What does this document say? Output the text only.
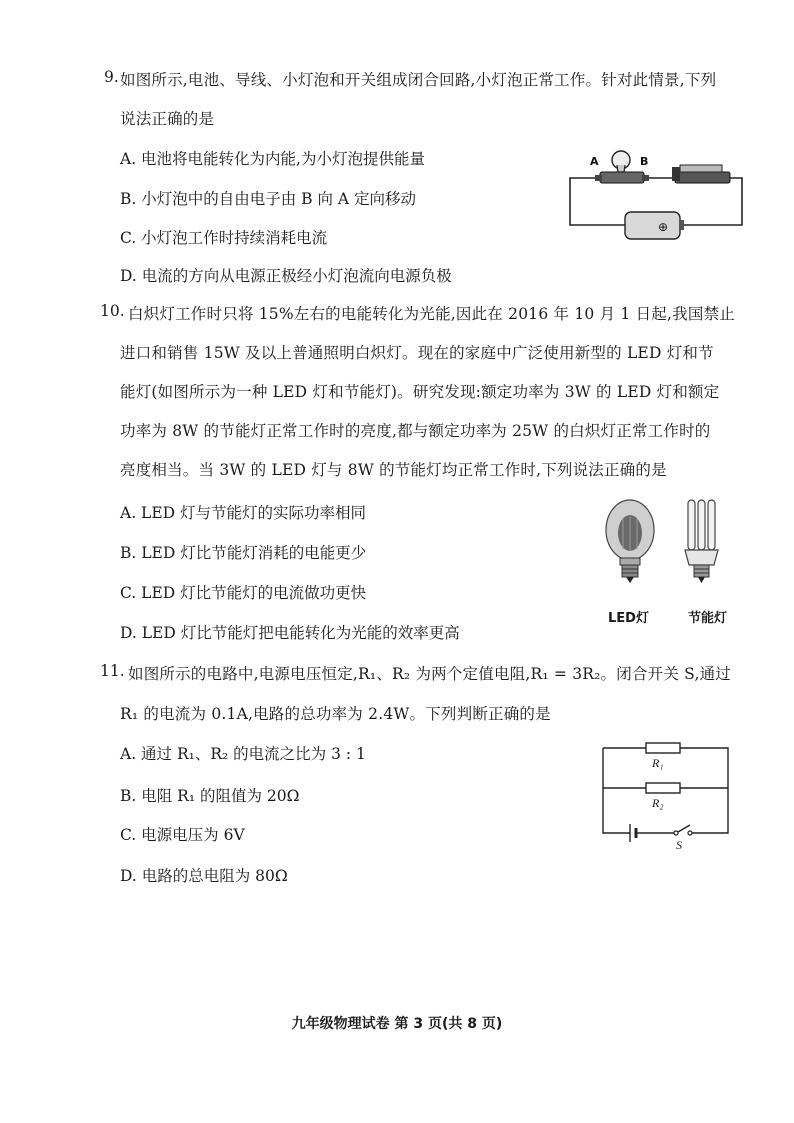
9. 如图所示,电池、导线、小灯泡和开关组成闭合回路,小灯泡正常工作。针对此情景,下列
说法正确的是
A. 电池将电能转化为内能,为小灯泡提供能量
B. 小灯泡中的自由电子由 B 向 A 定向移动
C. 小灯泡工作时持续消耗电流
D. 电流的方向从电源正极经小灯泡流向电源负极
⊕
A	B
10. 白炽灯工作时只将 15%左右的电能转化为光能,因此在 2016 年 10 月 1 日起,我国禁止
进口和销售 15W 及以上普通照明白炽灯。现在的家庭中广泛使用新型的 LED 灯和节
能灯(如图所示为一种 LED 灯和节能灯)。研究发现:额定功率为 3W 的 LED 灯和额定
功率为 8W 的节能灯正常工作时的亮度,都与额定功率为 25W 的白炽灯正常工作时的
亮度相当。当 3W 的 LED 灯与 8W 的节能灯均正常工作时,下列说法正确的是
A. LED 灯与节能灯的实际功率相同
B. LED 灯比节能灯消耗的电能更少
C. LED 灯比节能灯的电流做功更快
D. LED 灯比节能灯把电能转化为光能的效率更高
LED灯	节能灯
11. 如图所示的电路中,电源电压恒定,R₁、R₂ 为两个定值电阻,R₁ = 3R₂。闭合开关 S,通过
R₁ 的电流为 0.1A,电路的总功率为 2.4W。下列判断正确的是
A. 通过 R₁、R₂ 的电流之比为 3 : 1
B. 电阻 R₁ 的阻值为 20Ω
C. 电源电压为 6V
D. 电路的总电阻为 80Ω
R₁
R₂
S
九年级物理试卷 第 3 页(共 8 页)
